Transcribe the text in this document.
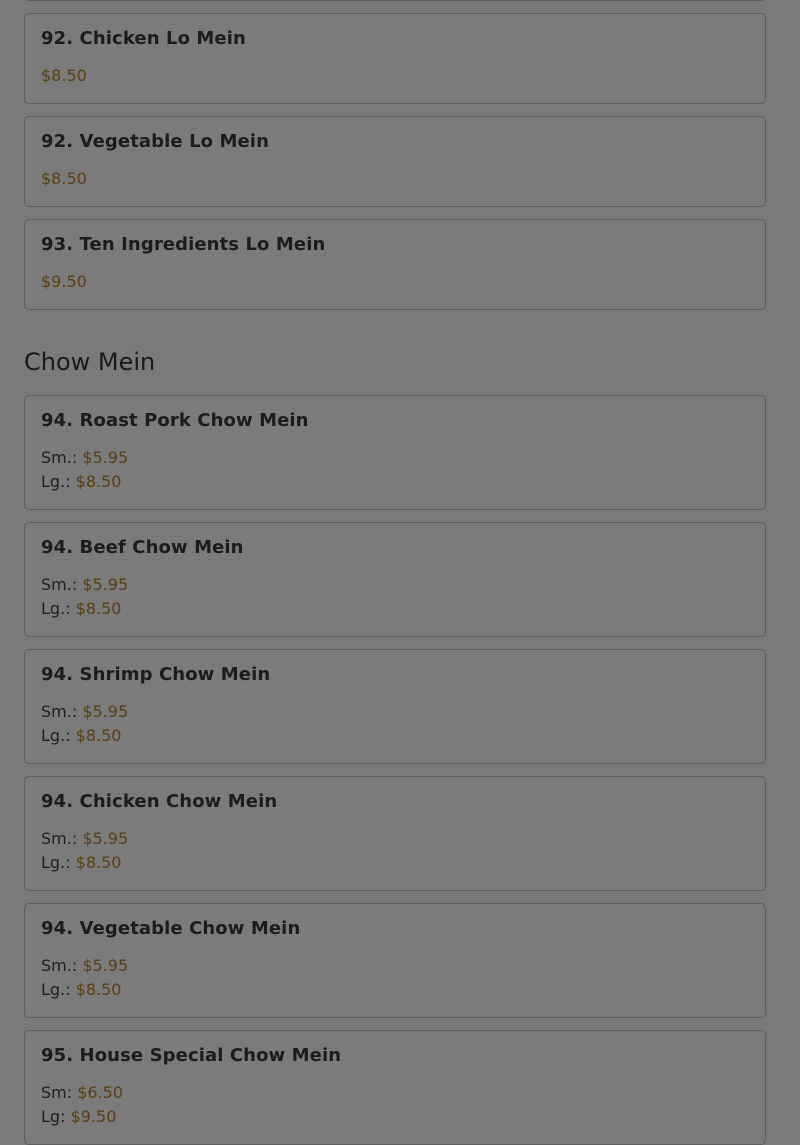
92. Chicken Lo Mein
$8.50
92. Vegetable Lo Mein
$8.50
93. Ten Ingredients Lo Mein
$9.50
Chow Mein
94. Roast Pork Chow Mein
Sm.: $5.95
Lg.: $8.50
94. Beef Chow Mein
Sm.: $5.95
Lg.: $8.50
94. Shrimp Chow Mein
Sm.: $5.95
Lg.: $8.50
94. Chicken Chow Mein
Sm.: $5.95
Lg.: $8.50
94. Vegetable Chow Mein
Sm.: $5.95
Lg.: $8.50
95. House Special Chow Mein
Sm: $6.50
Lg: $9.50
